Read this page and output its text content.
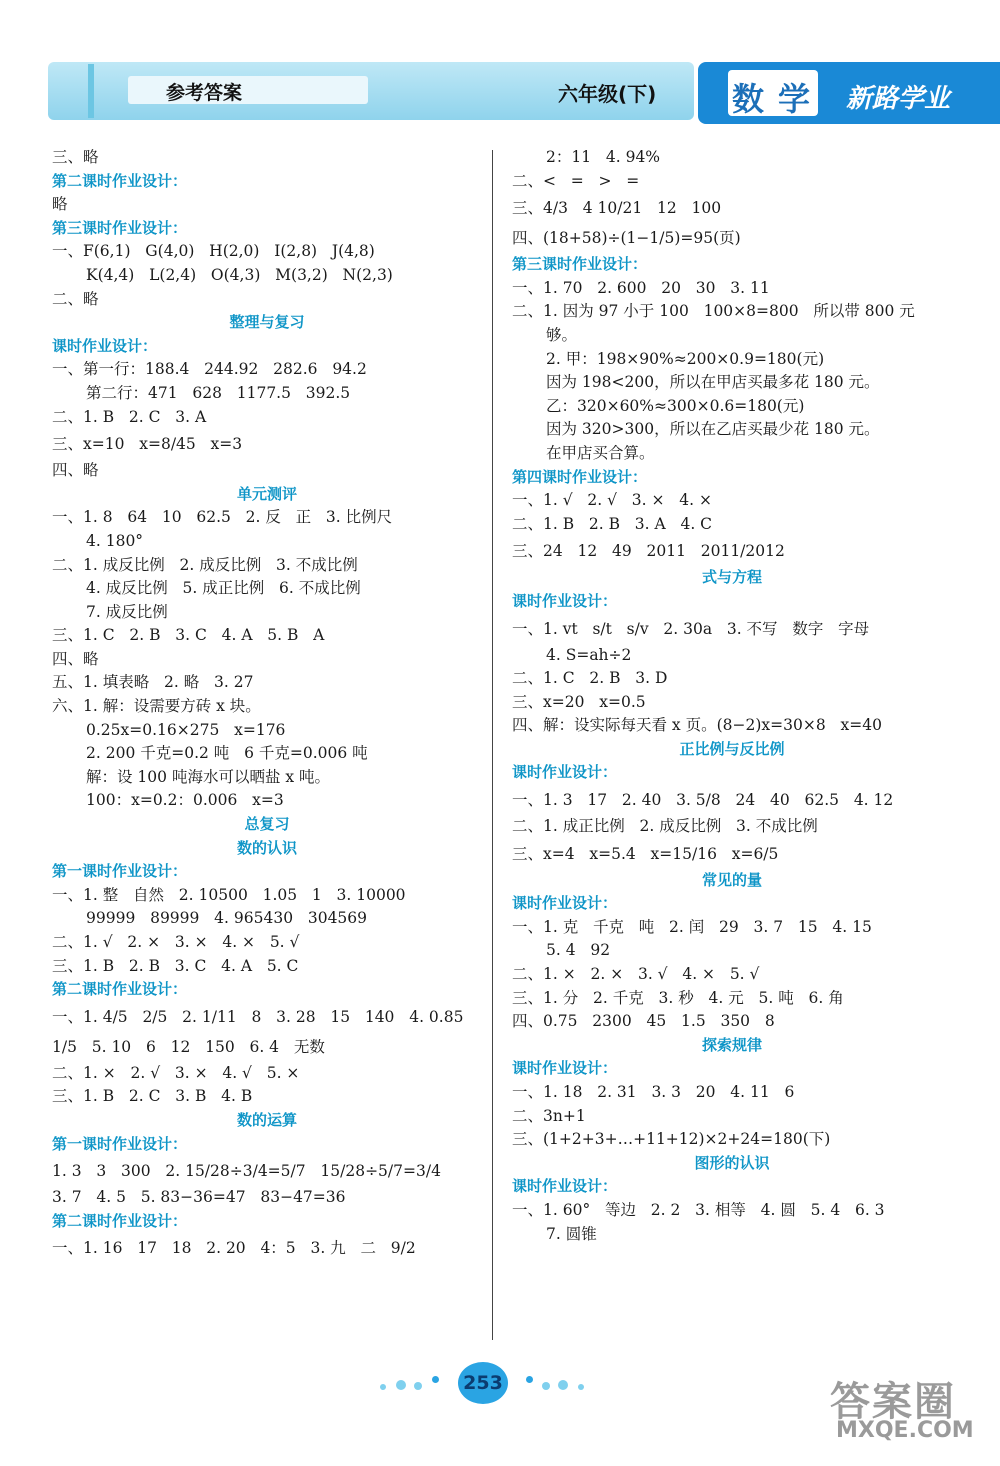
参考答案	六年级(下) 数学 新路学业
三、略
第二课时作业设计：
略
第三课时作业设计：
一、F(6,1)   G(4,0)   H(2,0)   I(2,8)   J(4,8)
K(4,4)   L(2,4)   O(4,3)   M(3,2)   N(2,3)
二、略
整理与复习
课时作业设计：
一、第一行：188.4   244.92   282.6   94.2
第二行：471   628   1177.5   392.5
二、1. B   2. C   3. A
三、x=10   x=8/45   x=3
四、略
单元测评
一、1. 8   64   10   62.5   2. 反   正   3. 比例尺
4. 180°
二、1. 成反比例   2. 成反比例   3. 不成比例
4. 成反比例   5. 成正比例   6. 不成比例
7. 成反比例
三、1. C   2. B   3. C   4. A   5. B   A
四、略
五、1. 填表略   2. 略   3. 27
六、1. 解：设需要方砖 x 块。
0.25x=0.16×275   x=176
2. 200 千克=0.2 吨   6 千克=0.006 吨
解：设 100 吨海水可以晒盐 x 吨。
100：x=0.2：0.006   x=3
总复习
数的认识
第一课时作业设计：
一、1. 整   自然   2. 10500   1.05   1   3. 10000
99999   89999   4. 965430   304569
二、1. √   2. ×   3. ×   4. ×   5. √
三、1. B   2. B   3. C   4. A   5. C
第二课时作业设计：
一、1. 4/5   2/5   2. 1/11   8   3. 28   15   140   4. 0.85
1/5   5. 10   6   12   150   6. 4   无数
二、1. ×   2. √   3. ×   4. √   5. ×
三、1. B   2. C   3. B   4. B
数的运算
第一课时作业设计：
1. 3   3   300   2. 15/28÷3/4=5/7   15/28÷5/7=3/4
3. 7   4. 5   5. 83−36=47   83−47=36
第二课时作业设计：
一、1. 16   17   18   2. 20   4：5   3. 九   二   9/2
2：11   4. 94%
二、<   =   >   =
三、4/3   4 10/21   12   100
四、(18+58)÷(1−1/5)=95(页)
第三课时作业设计：
一、1. 70   2. 600   20   30   3. 11
二、1. 因为 97 小于 100   100×8=800   所以带 800 元
够。
2. 甲：198×90%≈200×0.9=180(元)
因为 198<200，所以在甲店买最多花 180 元。
乙：320×60%≈300×0.6=180(元)
因为 320>300，所以在乙店买最少花 180 元。
在甲店买合算。
第四课时作业设计：
一、1. √   2. √   3. ×   4. ×
二、1. B   2. B   3. A   4. C
三、24   12   49   2011   2011/2012
式与方程
课时作业设计：
一、1. vt   s/t   s/v   2. 30a   3. 不写   数字   字母
4. S=ah÷2
二、1. C   2. B   3. D
三、x=20   x=0.5
四、解：设实际每天看 x 页。(8−2)x=30×8   x=40
正比例与反比例
课时作业设计：
一、1. 3   17   2. 40   3. 5/8   24   40   62.5   4. 12
二、1. 成正比例   2. 成反比例   3. 不成比例
三、x=4   x=5.4   x=15/16   x=6/5
常见的量
课时作业设计：
一、1. 克   千克   吨   2. 闰   29   3. 7   15   4. 15
5. 4   92
二、1. ×   2. ×   3. √   4. ×   5. √
三、1. 分   2. 千克   3. 秒   4. 元   5. 吨   6. 角
四、0.75   2300   45   1.5   350   8
探索规律
课时作业设计：
一、1. 18   2. 31   3. 3   20   4. 11   6
二、3n+1
三、(1+2+3+…+11+12)×2+24=180(下)
图形的认识
课时作业设计：
一、1. 60°   等边   2. 2   3. 相等   4. 圆   5. 4   6. 3
7. 圆锥
253	答案圈
MXQE.COM
